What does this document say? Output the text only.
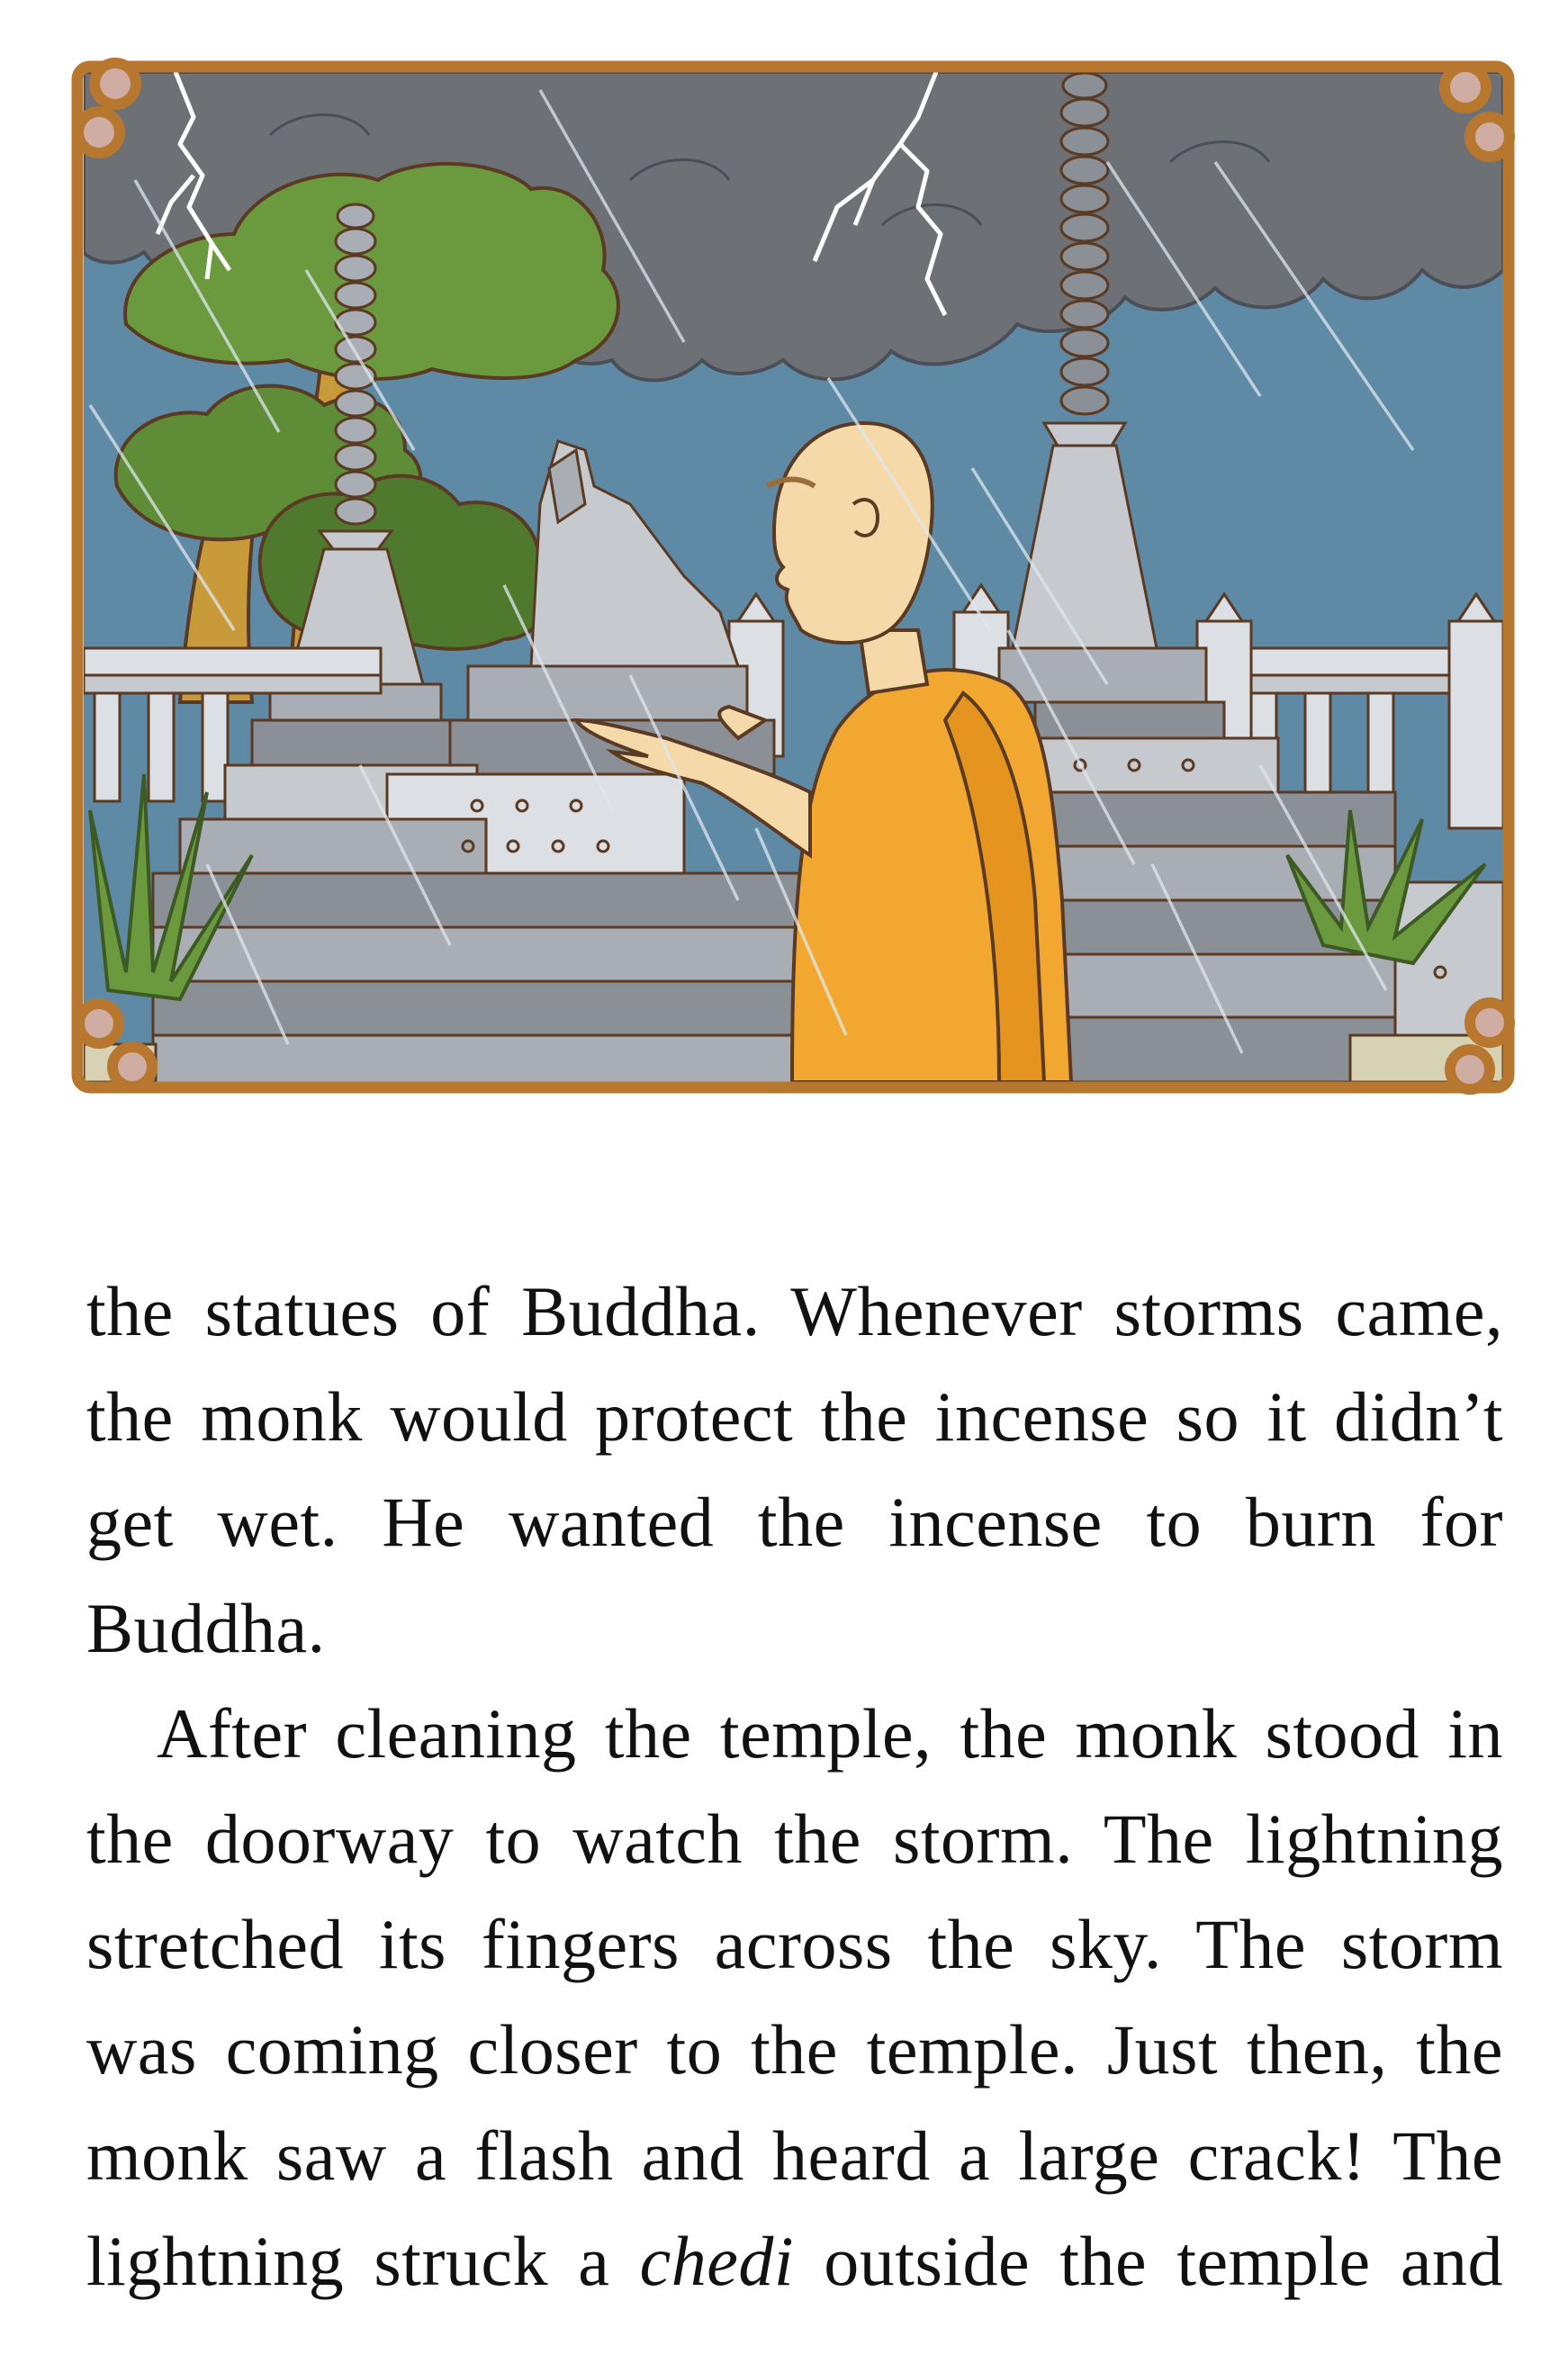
the statues of Buddha. Whenever storms came,
the monk would protect the incense so it didn’t
get wet. He wanted the incense to burn for
Buddha.

After cleaning the temple, the monk stood in
the doorway to watch the storm. The lightning
stretched its fingers across the sky. The storm
was coming closer to the temple. Just then, the
monk saw a flash and heard a large crack! The
lightning struck a chedi outside the temple and
